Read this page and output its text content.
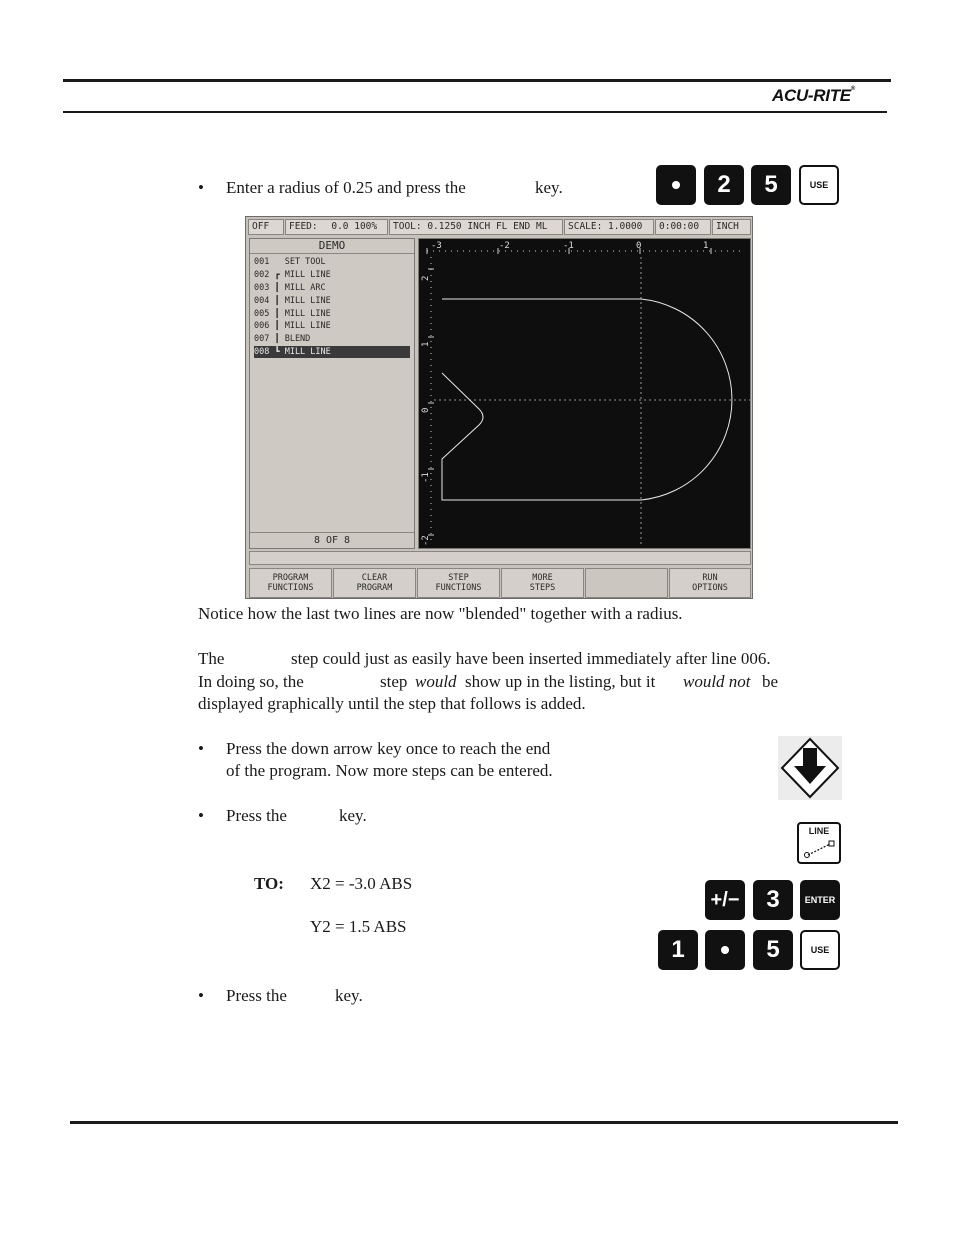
ACU-RITE®
• Enter a radius of 0.25 and press the	key.	•	2	5	USE
OFF	FEED: 0.0 100%	TOOL: 0.1250 INCH FL END ML	SCALE: 1.0000	0:00:00	INCH
DEMO
001   SET TOOL
002 ┏ MILL LINE
003 ┃ MILL ARC
004 ┃ MILL LINE
005 ┃ MILL LINE
006 ┃ MILL LINE
007 ┃ BLEND
008 ┗ MILL LINE
8 OF 8
-3	-2	-1	0	1
2
1
0
-1
-2
PROGRAM
FUNCTIONS
CLEAR
PROGRAM
STEP
FUNCTIONS
MORE
STEPS
RUN
OPTIONS
Notice how the last two lines are now "blended" together with a radius.
The	step could just as easily have been inserted immediately after line 006.
In doing so, the	step would show up in the listing, but it would not be
displayed graphically until the step that follows is added.
• Press the down arrow key once to reach the end
of the program. Now more steps can be entered.
• Press the	key.
LINE
TO: X2 = -3.0 ABS
Y2 = 1.5 ABS
+/−	3	ENTER
1	•	5	USE
• Press the	key.
